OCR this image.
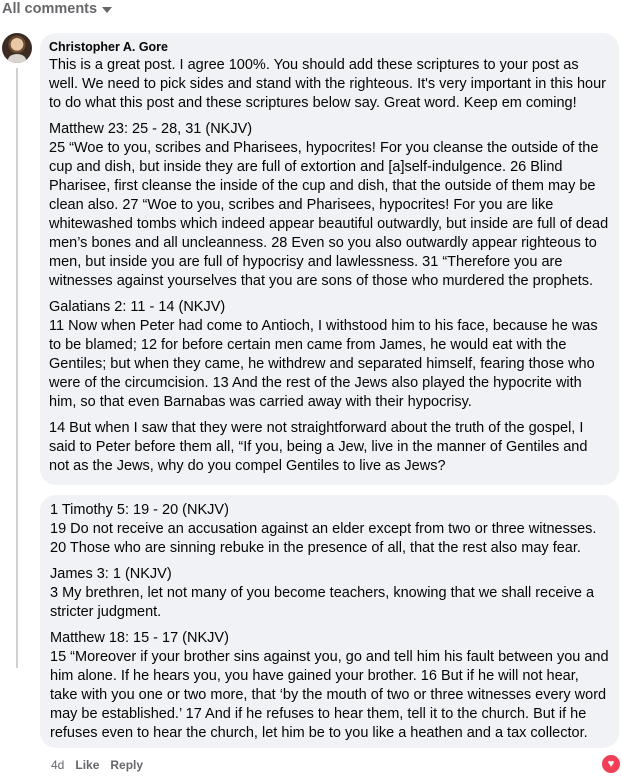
All comments
Christopher A. Gore
This is a great post. I agree 100%. You should add these scriptures to your post as well. We need to pick sides and stand with the righteous. It's very important in this hour to do what this post and these scriptures below say. Great word. Keep em coming!
Matthew 23: 25 - 28, 31 (NKJV)
25 “Woe to you, scribes and Pharisees, hypocrites! For you cleanse the outside of the cup and dish, but inside they are full of extortion and [a]self-indulgence. 26 Blind Pharisee, first cleanse the inside of the cup and dish, that the outside of them may be clean also. 27 “Woe to you, scribes and Pharisees, hypocrites! For you are like whitewashed tombs which indeed appear beautiful outwardly, but inside are full of dead men’s bones and all uncleanness. 28 Even so you also outwardly appear righteous to men, but inside you are full of hypocrisy and lawlessness. 31 “Therefore you are witnesses against yourselves that you are sons of those who murdered the prophets.
Galatians 2: 11 - 14 (NKJV)
11 Now when Peter had come to Antioch, I withstood him to his face, because he was to be blamed; 12 for before certain men came from James, he would eat with the Gentiles; but when they came, he withdrew and separated himself, fearing those who were of the circumcision. 13 And the rest of the Jews also played the hypocrite with him, so that even Barnabas was carried away with their hypocrisy.
14 But when I saw that they were not straightforward about the truth of the gospel, I said to Peter before them all, “If you, being a Jew, live in the manner of Gentiles and not as the Jews, why do you compel Gentiles to live as Jews?
1 Timothy 5: 19 - 20 (NKJV)
19 Do not receive an accusation against an elder except from two or three witnesses. 20 Those who are sinning rebuke in the presence of all, that the rest also may fear.
James 3: 1 (NKJV)
3 My brethren, let not many of you become teachers, knowing that we shall receive a stricter judgment.
Matthew 18: 15 - 17 (NKJV)
15 “Moreover if your brother sins against you, go and tell him his fault between you and him alone. If he hears you, you have gained your brother. 16 But if he will not hear, take with you one or two more, that ‘by the mouth of two or three witnesses every word may be established.’ 17 And if he refuses to hear them, tell it to the church. But if he refuses even to hear the church, let him be to you like a heathen and a tax collector.
4d Like Reply	♥
